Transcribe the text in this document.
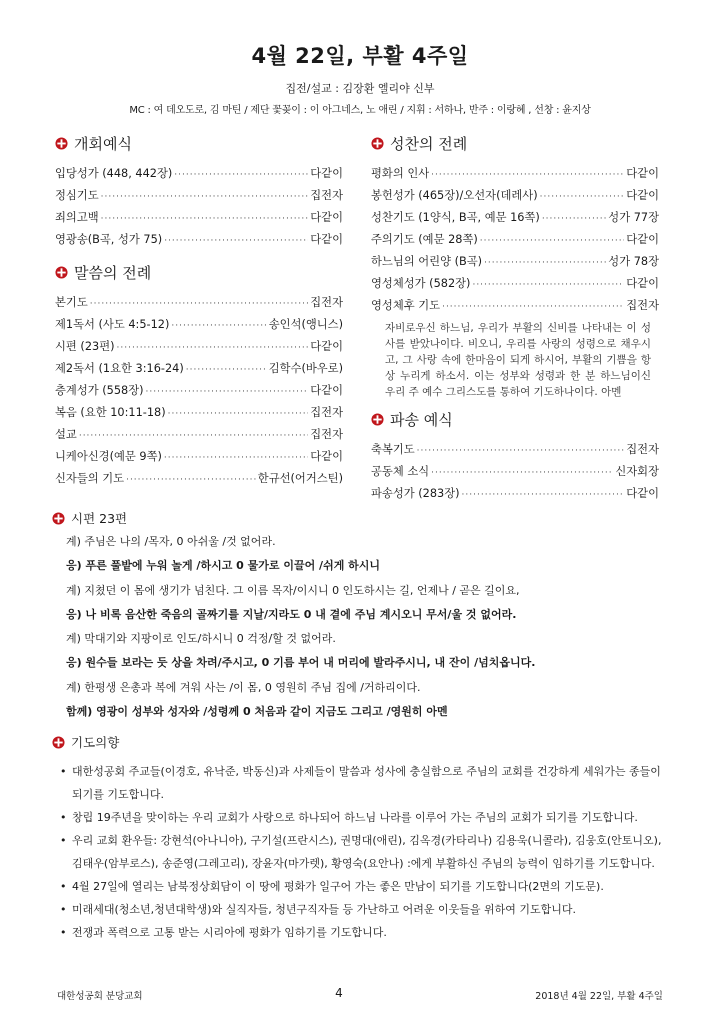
4월 22일, 부활 4주일
집전/설교 : 김장환 엘리야 신부
MC : 여 데오도로, 김 마틴 / 제단 꽃꽂이 : 이 아그네스, 노 애린 / 지휘 : 서하나, 반주 : 이랑혜 , 선창 : 윤지상
개회예식
입당성가 (448, 442장) ·····	다같이
정심기도 ·····	집전자
죄의고백 ·····	다같이
영광송(B곡, 성가 75) ·····	다같이
말씀의 전례
본기도 ·····	집전자
제1독서 (사도 4:5-12) ·····	송인석(앵니스)
시편 (23편) ·····	다같이
제2독서 (1요한 3:16-24) ·····	김학수(바우로)
층계성가 (558장) ·····	다같이
복음 (요한 10:11-18) ·····	집전자
설교 ·····	집전자
니케아신경(예문 9쪽) ·····	다같이
신자들의 기도 ·····	한규선(어거스틴)
성찬의 전례
평화의 인사 ·····	다같이
봉헌성가 (465장)/오선자(데레사) ·····	다같이
성찬기도 (1양식, B곡, 예문 16쪽) ·····	성가 77장
주의기도 (예문 28쪽) ·····	다같이
하느님의 어린양 (B곡) ·····	성가 78장
영성체성가 (582장) ·····	다같이
영성체후 기도 ·····	집전자
자비로우신 하느님, 우리가 부활의 신비를 나타내는 이 성사를 받았나이다. 비오니, 우리를 사랑의 성령으로 채우시고, 그 사랑 속에 한마음이 되게 하시어, 부활의 기쁨을 항상 누리게 하소서. 이는 성부와 성령과 한 분 하느님이신 우리 주 예수 그리스도를 통하여 기도하나이다. 아멘
파송 예식
축복기도 ·····	집전자
공동체 소식 ·····	신자회장
파송성가 (283장) ·····	다같이
시편 23편
계) 주님은 나의 /목자, 0 아쉬울 /것 없어라.
응) 푸른 풀밭에 누워 놀게 /하시고 0 물가로 이끌어 /쉬게 하시니
계) 지쳤던 이 몸에 생기가 넘친다. 그 이름 목자/이시니 0 인도하시는 길, 언제나 / 곧은 길이요,
응) 나 비록 음산한 죽음의 골짜기를 지날/지라도 0 내 곁에 주님 계시오니 무서/울 것 없어라.
계) 막대기와 지팡이로 인도/하시니 0 걱정/할 것 없어라.
응) 원수들 보라는 듯 상을 차려/주시고, 0 기름 부어 내 머리에 발라주시니, 내 잔이 /넘치옵니다.
계) 한평생 은총과 복에 겨워 사는 /이 몸, 0 영원히 주님 집에 /거하리이다.
함께) 영광이 성부와 성자와 /성령께 0 처음과 같이 지금도 그리고 /영원히 아멘
기도의향
• 대한성공회 주교들(이경호, 유낙준, 박동신)과 사제들이 말씀과 성사에 충실함으로 주님의 교회를 건강하게 세워가는 종들이 되기를 기도합니다.
• 창립 19주년을 맞이하는 우리 교회가 사랑으로 하나되어 하느님 나라를 이루어 가는 주님의 교회가 되기를 기도합니다.
• 우리 교회 환우들: 강현석(아나니아), 구기설(프란시스), 권명대(애린), 김옥경(카타리나) 김용욱(니콜라), 김웅호(안토니오), 김태우(암부로스), 송준영(그레고리), 장윤자(마가렛), 황영숙(요안나) :에게 부활하신 주님의 능력이 임하기를 기도합니다.
• 4월 27일에 열리는 남북정상회담이 이 땅에 평화가 일구어 가는 좋은 만남이 되기를 기도합니다(2면의 기도문).
• 미래세대(청소년,청년대학생)와 실직자들, 청년구직자들 등 가난하고 어려운 이웃들을 위하여 기도합니다.
• 전쟁과 폭력으로 고통 받는 시리아에 평화가 임하기를 기도합니다.
대한성공회 분당교회	4	2018년 4월 22일, 부활 4주일
